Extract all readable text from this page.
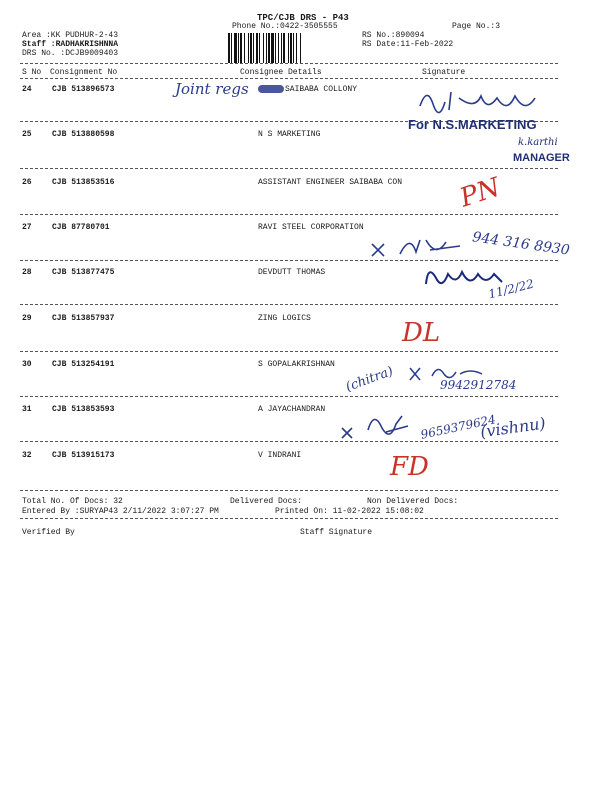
TPC/CJB DRS - P43
Phone No.:0422-3505555	Page No.:3
Area :KK PUDHUR-2-43
Staff :RADHAKRISHNNA
DRS No. :DCJB9009403
RS No.:890094
RS Date:11-Feb-2022
S No Consignment No	Consignee Details	Signature
24	CJB 513896573	SAIBABA COLLONY
25	CJB 513880598	N S MARKETING
26	CJB 513853516	ASSISTANT ENGINEER SAIBABA CON
27	CJB 87780701	RAVI STEEL CORPORATION
28	CJB 513877475	DEVDUTT THOMAS
29	CJB 513857937	ZING LOGICS
30	CJB 513254191	S GOPALAKRISHNAN
31	CJB 513853593	A JAYACHANDRAN
32	CJB 513915173	V INDRANI
Total No. Of Docs: 32	Delivered Docs:	Non Delivered Docs:
Entered By :SURYAP43 2/11/2022 3:07:27 PM	Printed On: 11-02-2022 15:08:02
Verified By	Staff Signature
Joint regs
For N.S.MARKETING
k.karthi
MANAGER
PN
944 316 8930
11/2/22
DL
(chitra)	9942912784
9659379624
(vishnu)
FD
